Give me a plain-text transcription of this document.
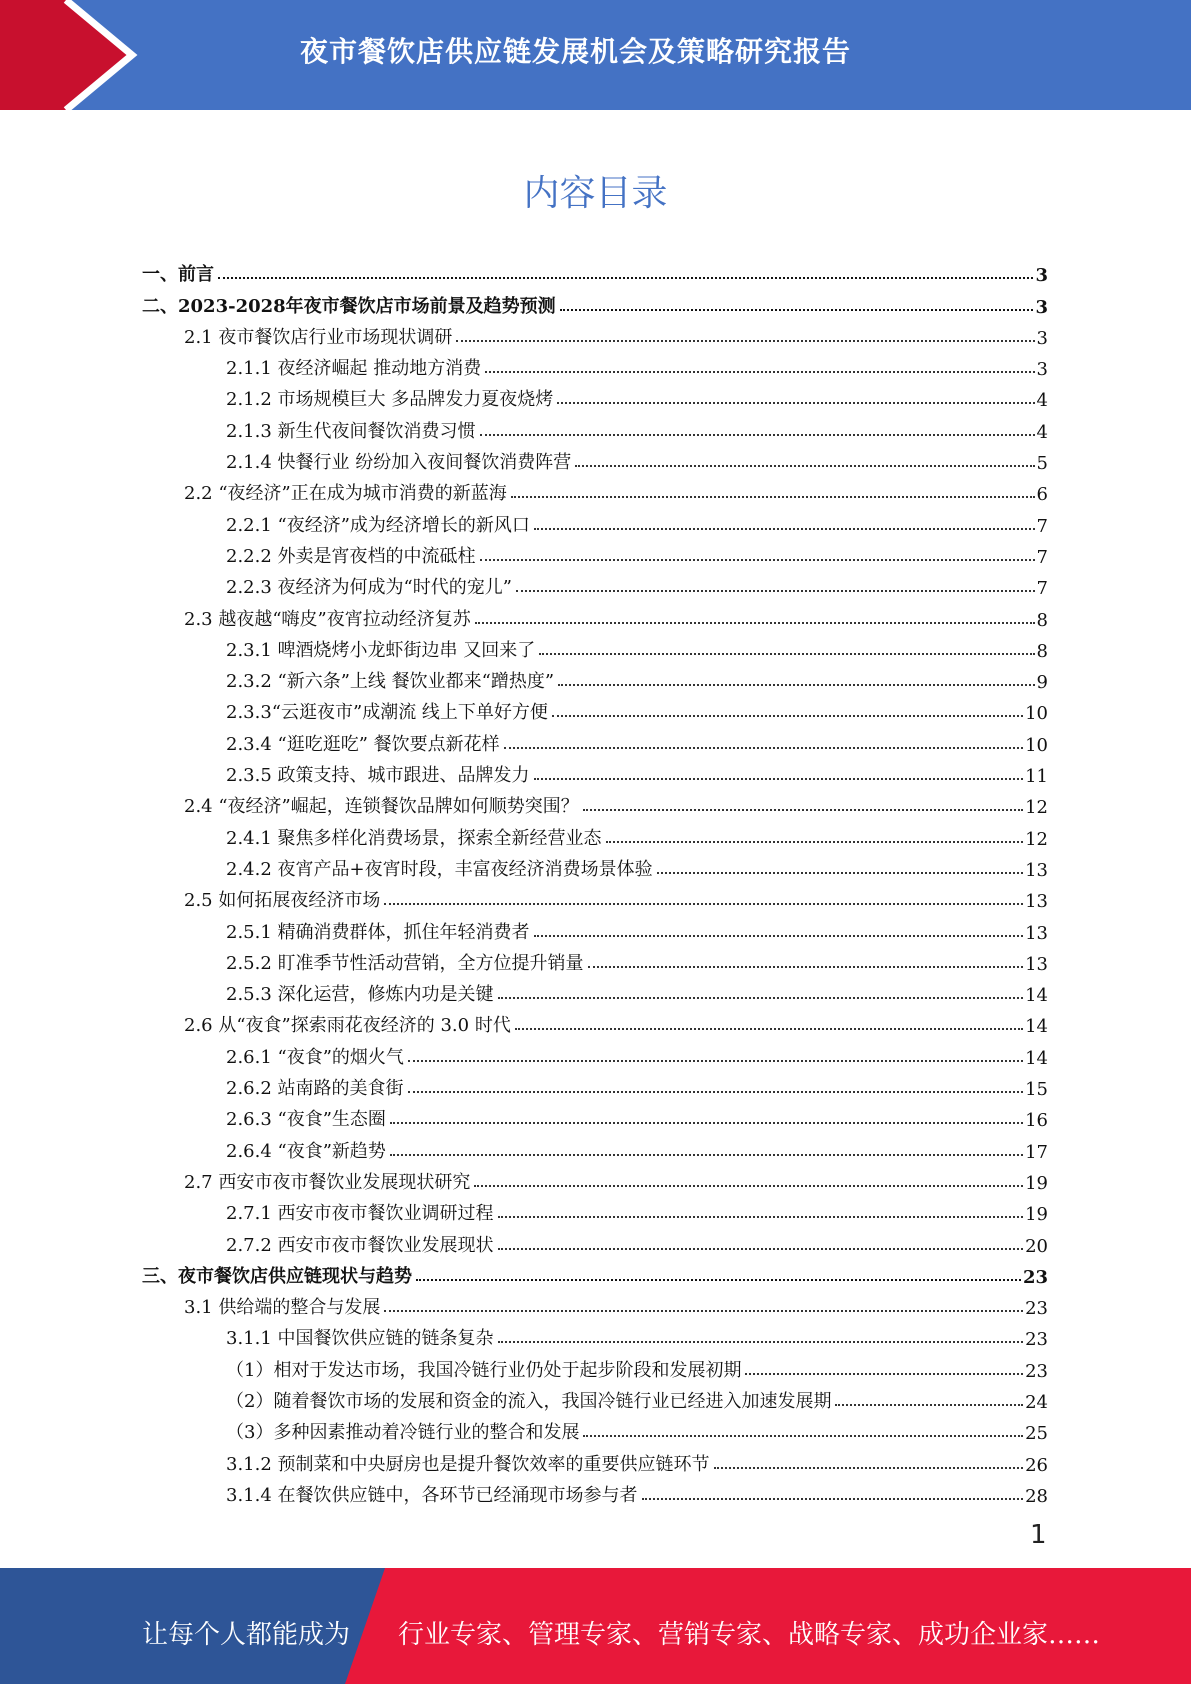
夜市餐饮店供应链发展机会及策略研究报告
内容目录
一、前言	3
二、2023-2028年夜市餐饮店市场前景及趋势预测	3
2.1 夜市餐饮店行业市场现状调研	3
2.1.1 夜经济崛起 推动地方消费	3
2.1.2 市场规模巨大 多品牌发力夏夜烧烤	4
2.1.3 新生代夜间餐饮消费习惯	4
2.1.4 快餐行业 纷纷加入夜间餐饮消费阵营	5
2.2 “夜经济”正在成为城市消费的新蓝海	6
2.2.1 “夜经济”成为经济增长的新风口	7
2.2.2 外卖是宵夜档的中流砥柱	7
2.2.3 夜经济为何成为“时代的宠儿”	7
2.3 越夜越“嗨皮”夜宵拉动经济复苏	8
2.3.1 啤酒烧烤小龙虾街边串 又回来了	8
2.3.2 “新六条”上线 餐饮业都来“蹭热度”	9
2.3.3“云逛夜市”成潮流 线上下单好方便	10
2.3.4 “逛吃逛吃” 餐饮要点新花样	10
2.3.5 政策支持、城市跟进、品牌发力	11
2.4 “夜经济”崛起，连锁餐饮品牌如何顺势突围？	12
2.4.1 聚焦多样化消费场景，探索全新经营业态	12
2.4.2 夜宵产品+夜宵时段，丰富夜经济消费场景体验	13
2.5 如何拓展夜经济市场	13
2.5.1 精确消费群体，抓住年轻消费者	13
2.5.2 盯准季节性活动营销，全方位提升销量	13
2.5.3 深化运营，修炼内功是关键	14
2.6 从“夜食”探索雨花夜经济的 3.0 时代	14
2.6.1 “夜食”的烟火气	14
2.6.2 站南路的美食街	15
2.6.3 “夜食”生态圈	16
2.6.4 “夜食”新趋势	17
2.7 西安市夜市餐饮业发展现状研究	19
2.7.1 西安市夜市餐饮业调研过程	19
2.7.2 西安市夜市餐饮业发展现状	20
三、夜市餐饮店供应链现状与趋势	23
3.1 供给端的整合与发展	23
3.1.1 中国餐饮供应链的链条复杂	23
（1）相对于发达市场，我国冷链行业仍处于起步阶段和发展初期	23
（2）随着餐饮市场的发展和资金的流入，我国冷链行业已经进入加速发展期	24
（3）多种因素推动着冷链行业的整合和发展	25
3.1.2 预制菜和中央厨房也是提升餐饮效率的重要供应链环节	26
3.1.4 在餐饮供应链中，各环节已经涌现市场参与者	28
1
让每个人都能成为 行业专家、管理专家、营销专家、战略专家、成功企业家……
